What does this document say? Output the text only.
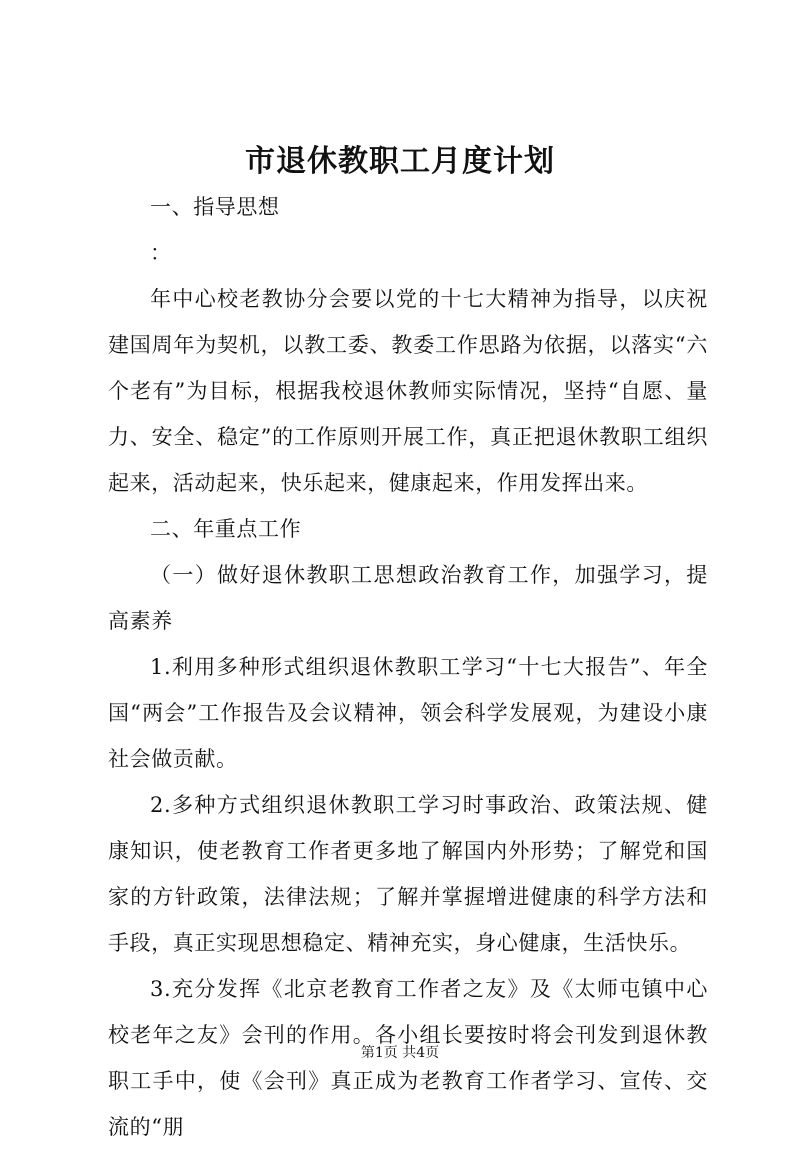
市退休教职工月度计划

一、指导思想

：

年中心校老教协分会要以党的十七大精神为指导，以庆祝建国周年为契机，以教工委、教委工作思路为依据，以落实“六个老有”为目标，根据我校退休教师实际情况，坚持“自愿、量力、安全、稳定”的工作原则开展工作，真正把退休教职工组织起来，活动起来，快乐起来，健康起来，作用发挥出来。

二、年重点工作

（一）做好退休教职工思想政治教育工作，加强学习，提高素养

1.利用多种形式组织退休教职工学习“十七大报告”、年全国“两会”工作报告及会议精神，领会科学发展观，为建设小康社会做贡献。

2.多种方式组织退休教职工学习时事政治、政策法规、健康知识，使老教育工作者更多地了解国内外形势；了解党和国家的方针政策，法律法规；了解并掌握增进健康的科学方法和手段，真正实现思想稳定、精神充实，身心健康，生活快乐。

3.充分发挥《北京老教育工作者之友》及《太师屯镇中心校老年之友》会刊的作用。各小组长要按时将会刊发到退休教职工手中，使《会刊》真正成为老教育工作者学习、宣传、交流的“朋

第1页 共4页
